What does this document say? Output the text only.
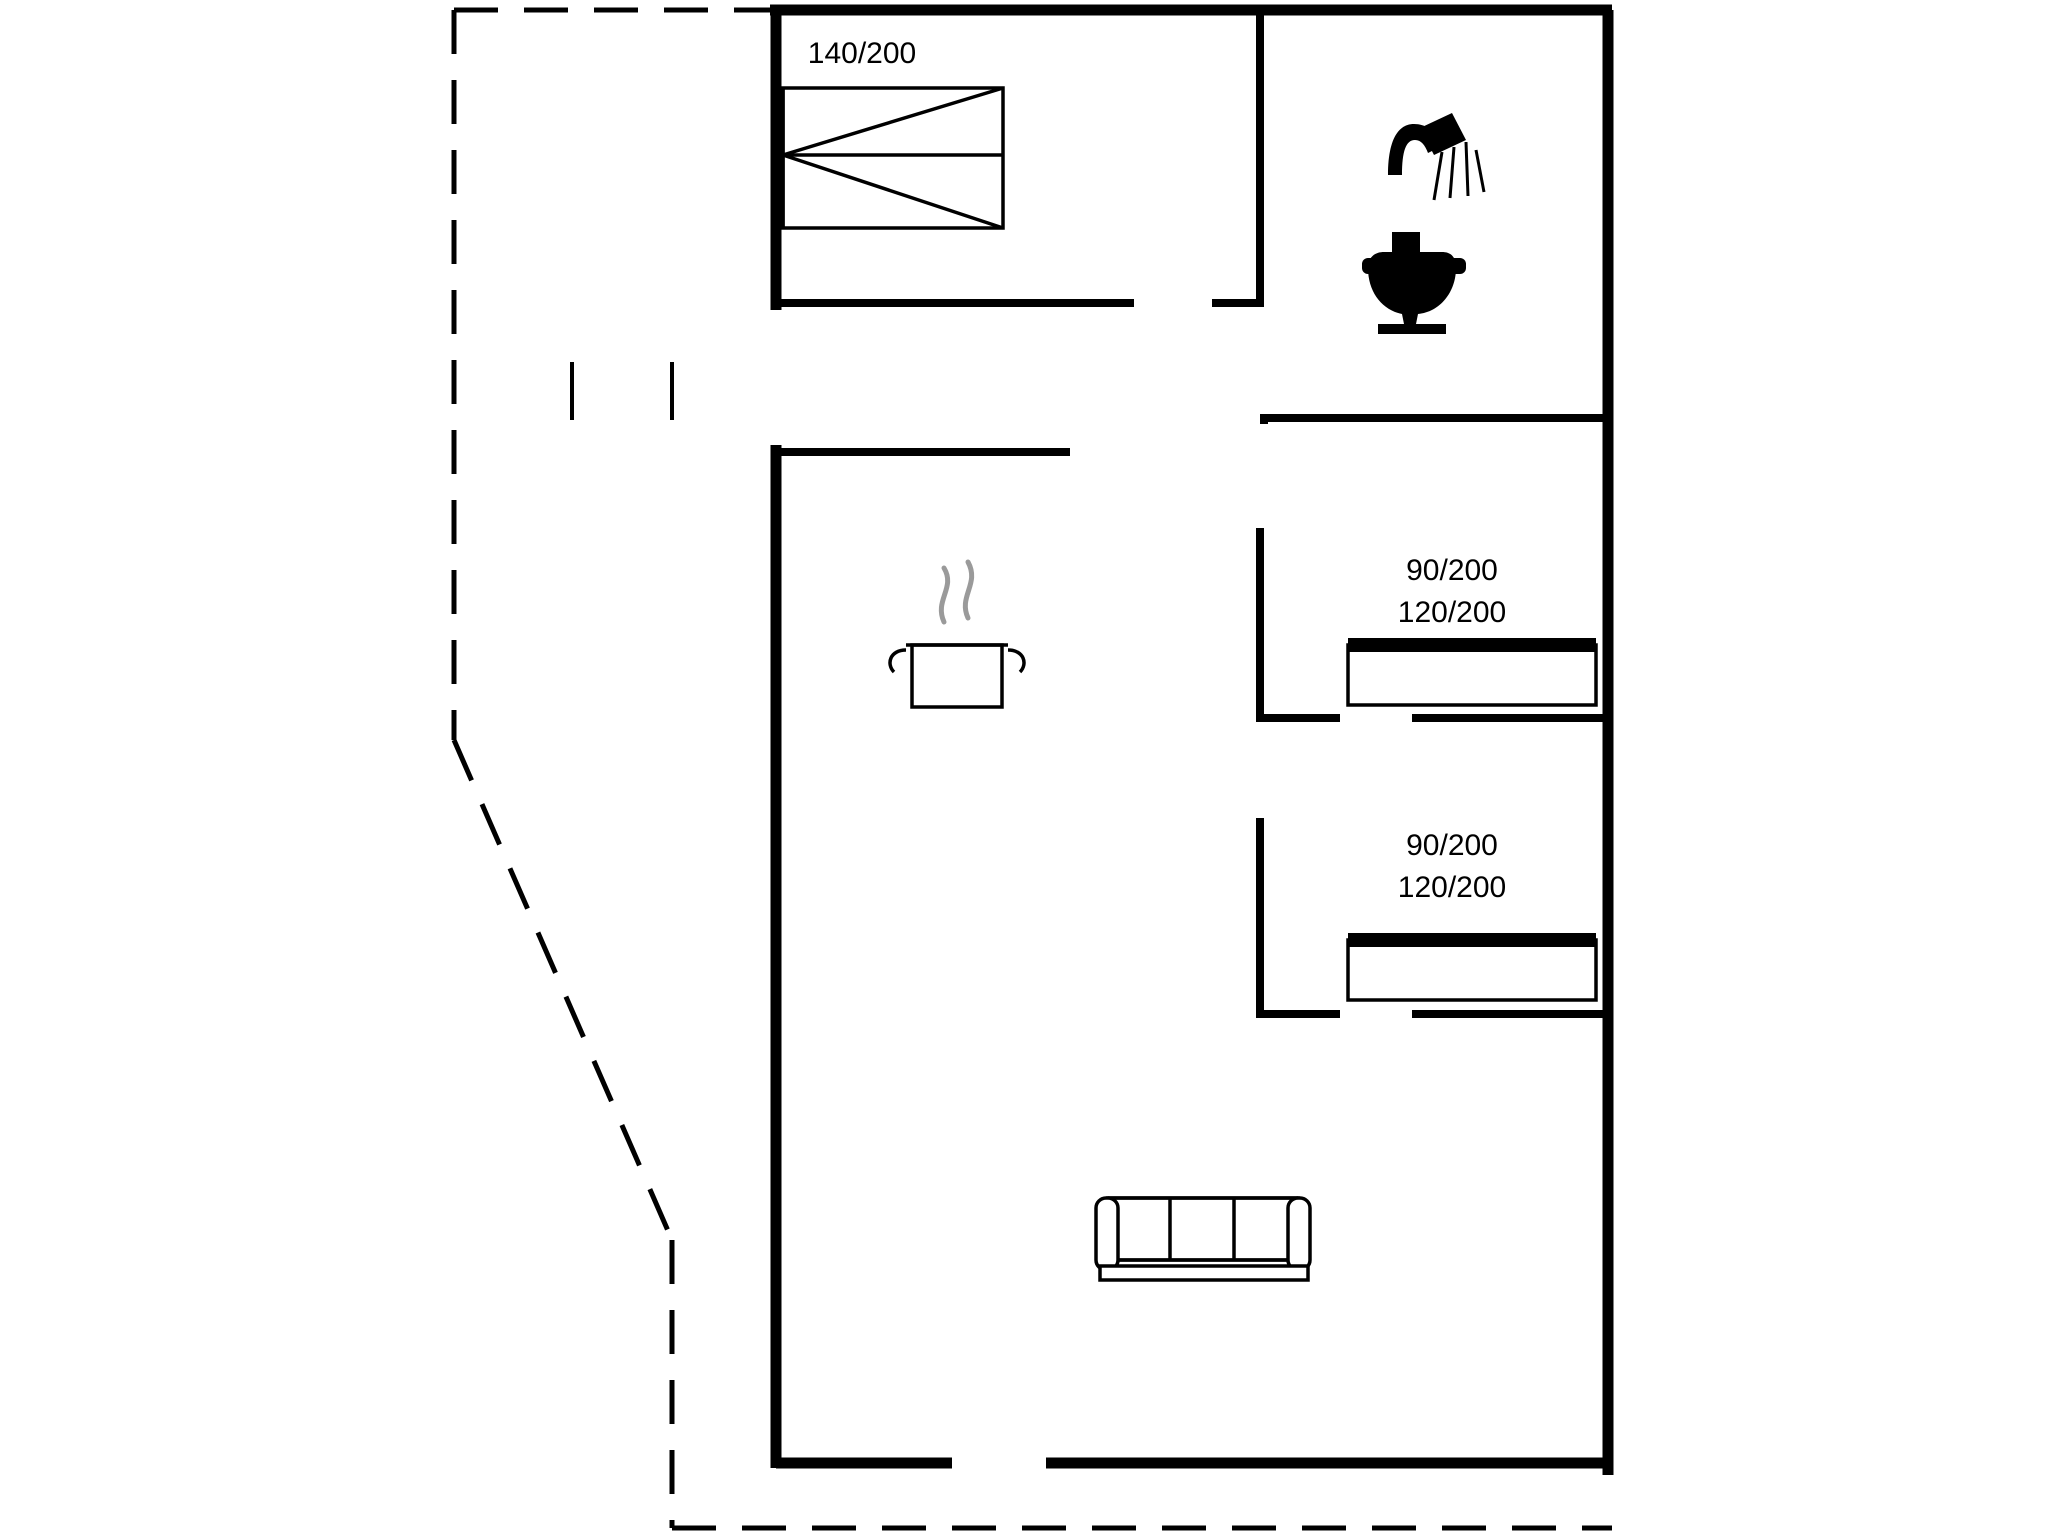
140/200
90/200
120/200
90/200
120/200
